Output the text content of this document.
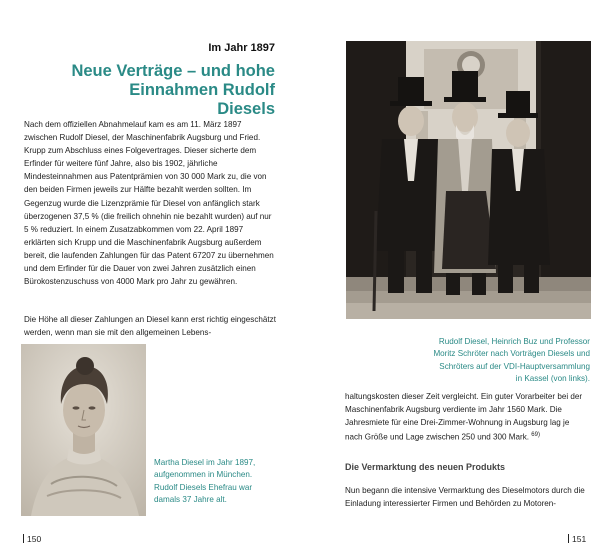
Im Jahr 1897
Neue Verträge – und hohe
Einnahmen Rudolf Diesels

Nach dem offiziellen Abnahmelauf kam es am 11. März 1897 zwischen Rudolf Diesel, der Maschinenfabrik Augsburg und Fried. Krupp zum Abschluss eines Folgevertrages. Dieser sicherte dem Erfinder für weitere fünf Jahre, also bis 1902, jährliche Mindesteinnahmen aus Patentprämien von 30 000 Mark zu, die von den beiden Firmen jeweils zur Hälfte bezahlt werden sollten. Im Gegenzug wurde die Lizenzprämie für Diesel von anfänglich stark überzogenen 37,5 % (die freilich ohnehin nie bezahlt wurden) auf nur 5 % reduziert. In einem Zusatzabkommen vom 22. April 1897 erklärten sich Krupp und die Maschinenfabrik Augsburg außerdem bereit, die laufenden Zahlungen für das Patent 67207 zu übernehmen und dem Erfinder für die Dauer von zwei Jahren zusätzlich einen Bürokostenzuschuss von 4000 Mark pro Jahr zu gewähren.

Die Höhe all dieser Zahlungen an Diesel kann erst richtig eingeschätzt werden, wenn man sie mit den allgemeinen Lebens-

Martha Diesel im Jahr 1897,
aufgenommen in München.
Rudolf Diesels Ehefrau war
damals 37 Jahre alt.
150
Rudolf Diesel, Heinrich Buz und Professor
Moritz Schröter nach Vorträgen Diesels und
Schröters auf der VDI-Hauptversammlung
in Kassel (von links).

haltungskosten dieser Zeit vergleicht. Ein guter Vorarbeiter bei der Maschinenfabrik Augsburg verdiente im Jahr 1560 Mark. Die Jahresmiete für eine Drei-Zimmer-Wohnung in Augsburg lag je nach Größe und Lage zwischen 250 und 300 Mark. $^{69)}$

Die Vermarktung des neuen Produkts

Nun begann die intensive Vermarktung des Dieselmotors durch die Einladung interessierter Firmen und Behörden zu Motoren-

151
